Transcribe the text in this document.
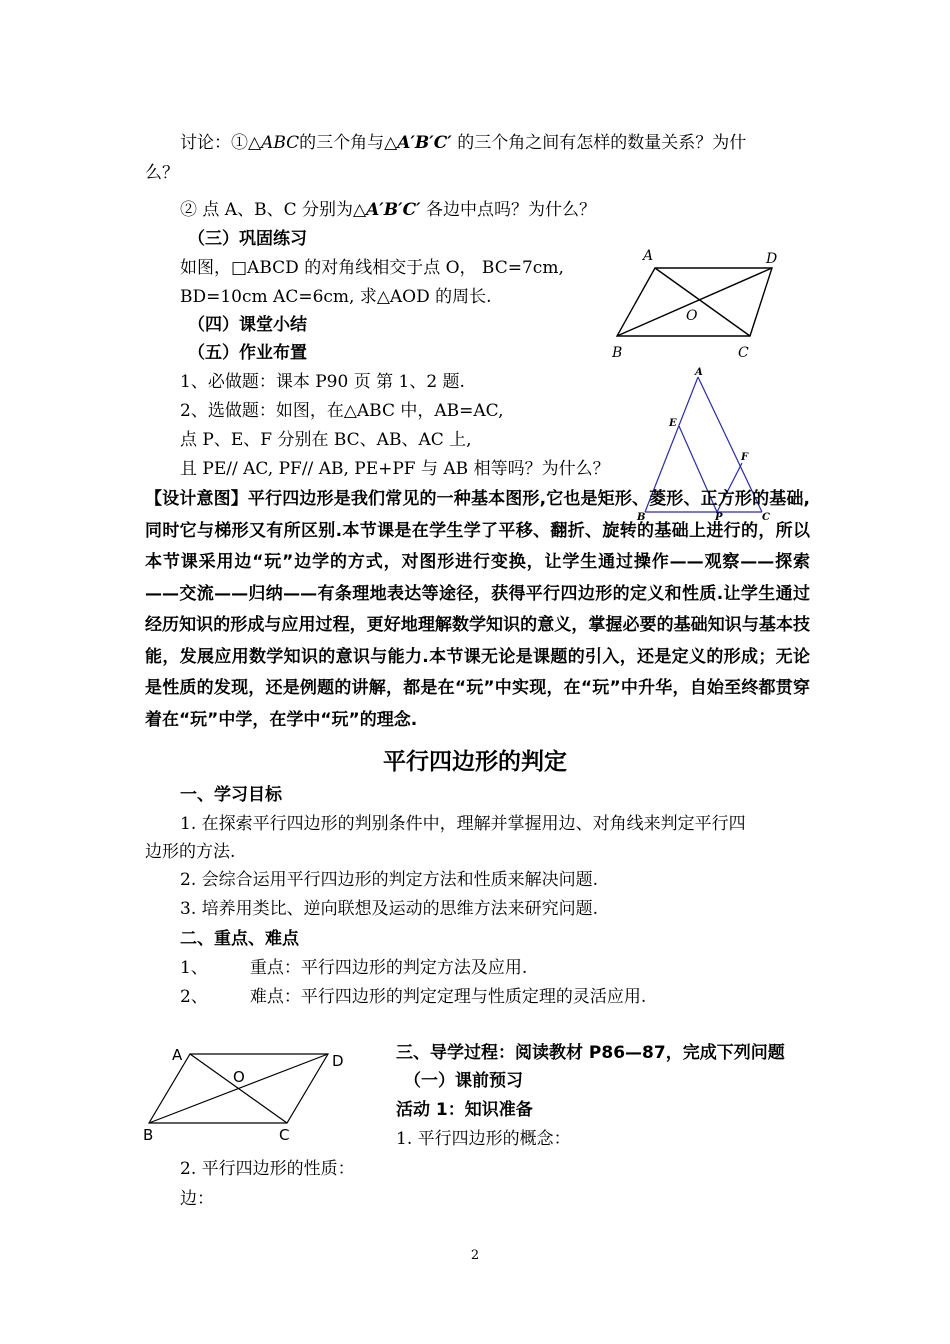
讨论：①△ABC的三个角与△A′B′C′ 的三个角之间有怎样的数量关系？为什
么？
② 点 A、B、C 分别为△A′B′C′ 各边中点吗？为什么？
（三）巩固练习
如图，□ABCD 的对角线相交于点 O， BC=7cm,
BD=10cm AC=6cm, 求△AOD 的周长.
A	D
B	C
O
（四）课堂小结
（五）作业布置
1、必做题：课本 P90 页 第 1、2 题.
2、选做题：如图，在△ABC 中，AB=AC,
点 P、E、F 分别在 BC、AB、AC 上,
且 PE// AC, PF// AB, PE+PF 与 AB 相等吗？为什么？
A
E
F
P
B	C
【设计意图】平行四边形是我们常见的一种基本图形,它也是矩形、菱形、正方形的基础,同时它与梯形又有所区别.本节课是在学生学了平移、翻折、旋转的基础上进行的，所以本节课采用边“玩”边学的方式，对图形进行变换，让学生通过操作——观察——探索——交流——归纳——有条理地表达等途径，获得平行四边形的定义和性质.让学生通过经历知识的形成与应用过程，更好地理解数学知识的意义，掌握必要的基础知识与基本技能，发展应用数学知识的意识与能力.本节课无论是课题的引入，还是定义的形成；无论是性质的发现，还是例题的讲解，都是在“玩”中实现，在“玩”中升华，自始至终都贯穿着在“玩”中学，在学中“玩”的理念.
平行四边形的判定
一、学习目标
1. 在探索平行四边形的判别条件中，理解并掌握用边、对角线来判定平行四
边形的方法.
2. 会综合运用平行四边形的判定方法和性质来解决问题.
3. 培养用类比、逆向联想及运动的思维方法来研究问题.
二、重点、难点
1、 重点：平行四边形的判定方法及应用.
2、 难点：平行四边形的判定定理与性质定理的灵活应用.
A	D
B	C
O
三、导学过程：阅读教材 P86—87，完成下列问题
（一）课前预习
活动 1：知识准备
1. 平行四边形的概念：
2. 平行四边形的性质：
边：
2
